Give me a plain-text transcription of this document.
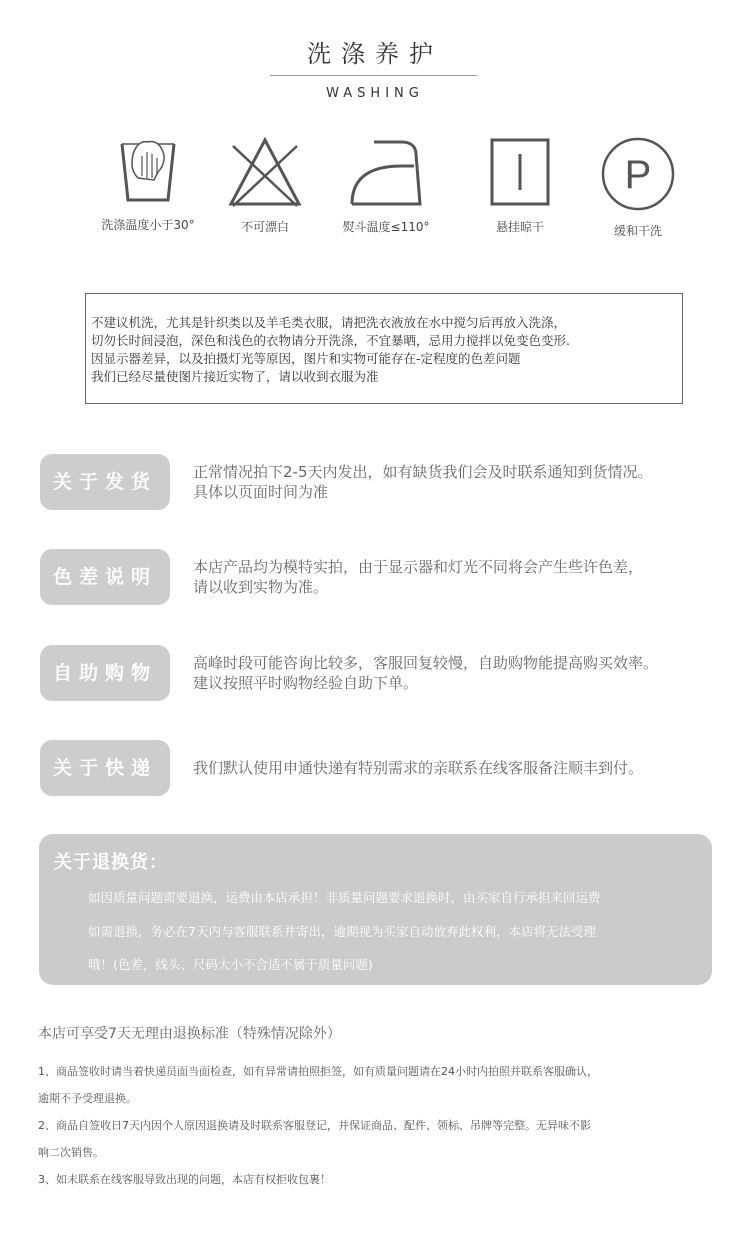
洗涤养护
WASHING
洗涤温度小于30°	不可漂白	熨斗温度≤110°	悬挂晾干
P
缓和干洗

不建议机洗，尤其是针织类以及羊毛类衣服，请把洗衣液放在水中搅匀后再放入洗涤，

切勿长时间浸泡，深色和浅色的衣物请分开洗涤，不宜暴晒，忌用力搅拌以免变色变形.

因显示器差异，以及拍摄灯光等原因，图片和实物可能存在-定程度的色差问题

我们已经尽量使图片接近实物了，请以收到衣服为准

关于发货	正常情况拍下2-5天内发出，如有缺货我们会及时联系通知到货情况。
具体以页面时间为准
色差说明	本店产品均为模特实拍，由于显示器和灯光不同将会产生些许色差，
请以收到实物为准。
自助购物	高峰时段可能咨询比较多，客服回复较慢，自助购物能提高购买效率。
建议按照平时购物经验自助下单。
关于快递	我们默认使用申通快递有特别需求的亲联系在线客服备注顺丰到付。
关于退换货：
如因质量问题需要退换，运费由本店承担！非质量问题要求退换时，由买家自行承担来回运费
如需退换，务必在7天内与客服联系并寄出，逾期视为买家自动放弃此权利，本店将无法受理
哦！(色差，线头、尺码大小不合适不属于质量问题)
本店可享受7天无理由退换标准（特殊情况除外）
1、商品签收时请当着快递员面当面检查，如有异常请拍照拒签，如有质量问题请在24小时内拍照并联系客服确认，
逾期不予受理退换。
2、商品自签收日7天内因个人原因退换请及时联系客服登记，并保证商品、配件、领标、吊牌等完整。无异味不影
响二次销售。
3、如未联系在线客服导致出现的问题，本店有权拒收包裹！
